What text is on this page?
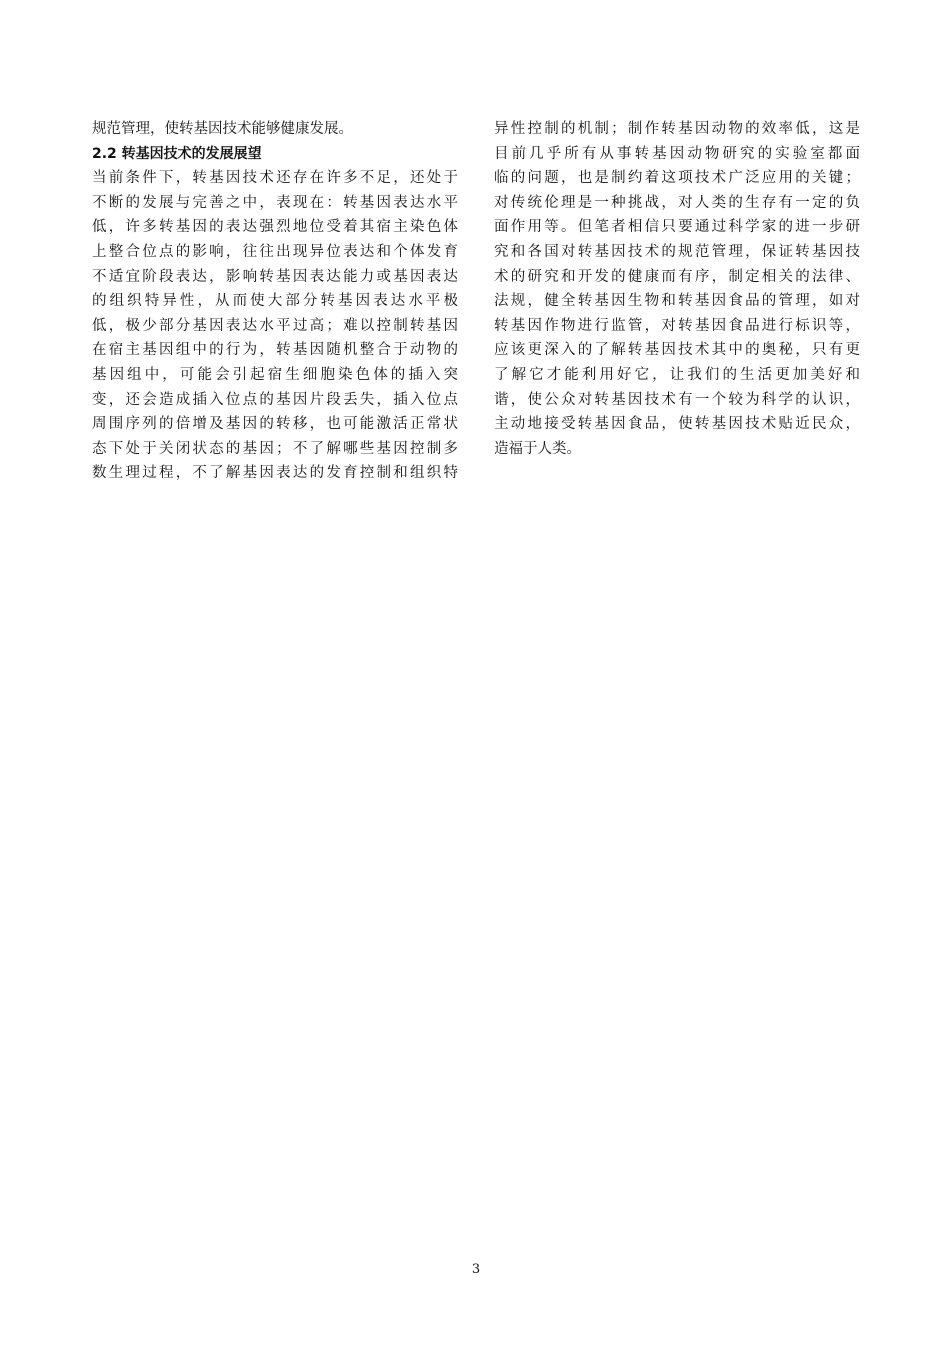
规范管理，使转基因技术能够健康发展。
2.2 转基因技术的发展展望
当前条件下，转基因技术还存在许多不足，还处于
不断的发展与完善之中，表现在：转基因表达水平
低，许多转基因的表达强烈地位受着其宿主染色体
上整合位点的影响，往往出现异位表达和个体发育
不适宜阶段表达，影响转基因表达能力或基因表达
的组织特异性，从而使大部分转基因表达水平极
低，极少部分基因表达水平过高；难以控制转基因
在宿主基因组中的行为，转基因随机整合于动物的
基因组中，可能会引起宿生细胞染色体的插入突
变，还会造成插入位点的基因片段丢失，插入位点
周围序列的倍增及基因的转移，也可能激活正常状
态下处于关闭状态的基因；不了解哪些基因控制多
数生理过程，不了解基因表达的发育控制和组织特
异性控制的机制；制作转基因动物的效率低，这是
目前几乎所有从事转基因动物研究的实验室都面
临的问题，也是制约着这项技术广泛应用的关键；
对传统伦理是一种挑战，对人类的生存有一定的负
面作用等。但笔者相信只要通过科学家的进一步研
究和各国对转基因技术的规范管理，保证转基因技
术的研究和开发的健康而有序，制定相关的法律、
法规，健全转基因生物和转基因食品的管理，如对
转基因作物进行监管，对转基因食品进行标识等，
应该更深入的了解转基因技术其中的奥秘，只有更
了解它才能利用好它，让我们的生活更加美好和
谐，使公众对转基因技术有一个较为科学的认识，
主动地接受转基因食品，使转基因技术贴近民众，
造福于人类。
3
